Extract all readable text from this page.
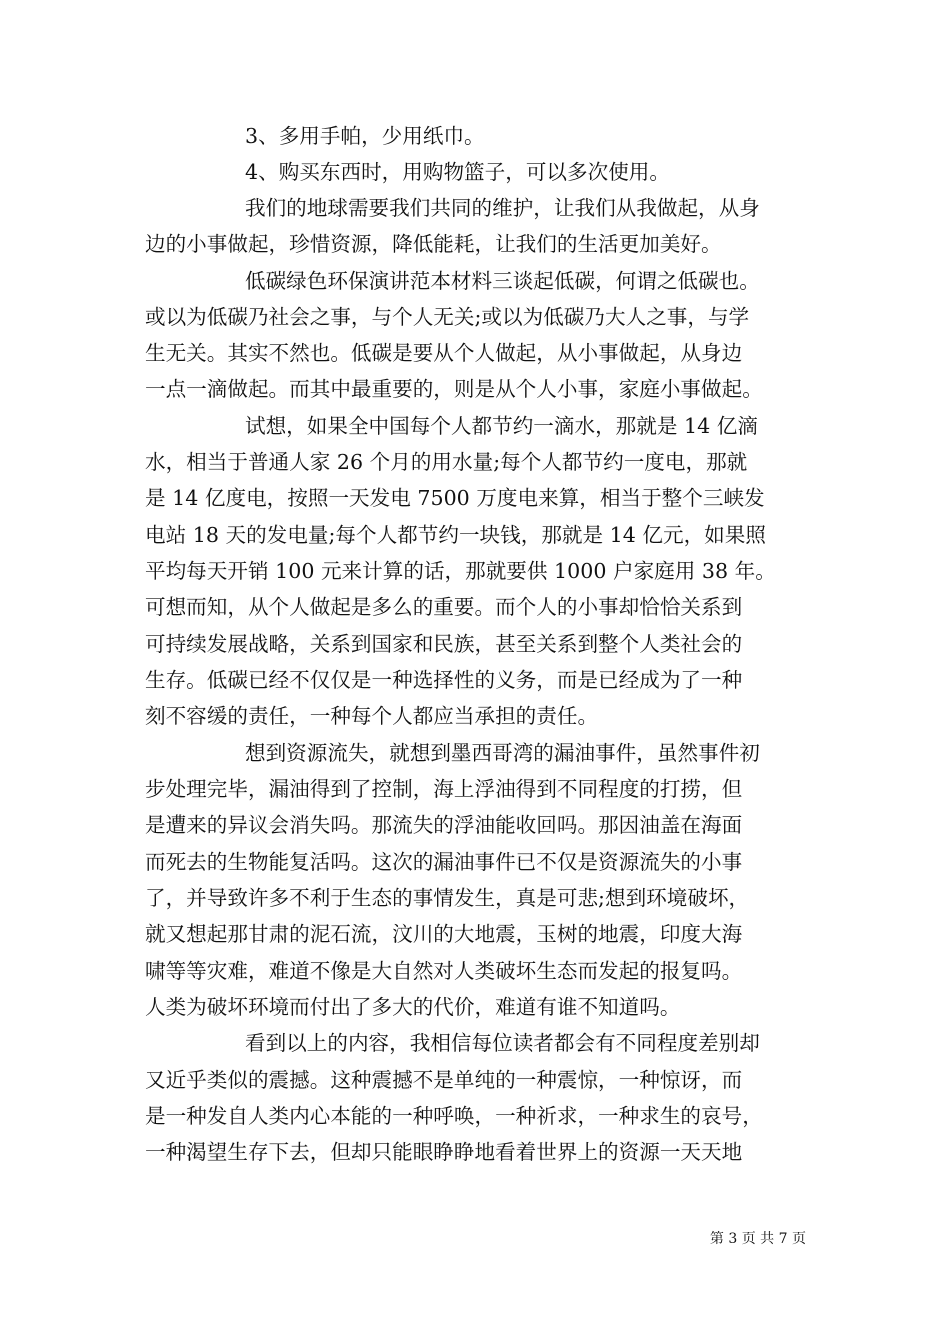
3、多用手帕，少用纸巾。
4、购买东西时，用购物篮子，可以多次使用。
我们的地球需要我们共同的维护，让我们从我做起，从身
边的小事做起，珍惜资源，降低能耗，让我们的生活更加美好。
低碳绿色环保演讲范本材料三谈起低碳，何谓之低碳也。
或以为低碳乃社会之事，与个人无关;或以为低碳乃大人之事，与学
生无关。其实不然也。低碳是要从个人做起，从小事做起，从身边
一点一滴做起。而其中最重要的，则是从个人小事，家庭小事做起。
试想，如果全中国每个人都节约一滴水，那就是 14 亿滴
水，相当于普通人家 26 个月的用水量;每个人都节约一度电，那就
是 14 亿度电，按照一天发电 7500 万度电来算，相当于整个三峡发
电站 18 天的发电量;每个人都节约一块钱，那就是 14 亿元，如果照
平均每天开销 100 元来计算的话，那就要供 1000 户家庭用 38 年。
可想而知，从个人做起是多么的重要。而个人的小事却恰恰关系到
可持续发展战略，关系到国家和民族，甚至关系到整个人类社会的
生存。低碳已经不仅仅是一种选择性的义务，而是已经成为了一种
刻不容缓的责任，一种每个人都应当承担的责任。
想到资源流失，就想到墨西哥湾的漏油事件，虽然事件初
步处理完毕，漏油得到了控制，海上浮油得到不同程度的打捞，但
是遭来的异议会消失吗。那流失的浮油能收回吗。那因油盖在海面
而死去的生物能复活吗。这次的漏油事件已不仅是资源流失的小事
了，并导致许多不利于生态的事情发生，真是可悲;想到环境破坏，
就又想起那甘肃的泥石流，汶川的大地震，玉树的地震，印度大海
啸等等灾难，难道不像是大自然对人类破坏生态而发起的报复吗。
人类为破坏环境而付出了多大的代价，难道有谁不知道吗。
看到以上的内容，我相信每位读者都会有不同程度差别却
又近乎类似的震撼。这种震撼不是单纯的一种震惊，一种惊讶，而
是一种发自人类内心本能的一种呼唤，一种祈求，一种求生的哀号，
一种渴望生存下去，但却只能眼睁睁地看着世界上的资源一天天地
第 3 页 共 7 页
